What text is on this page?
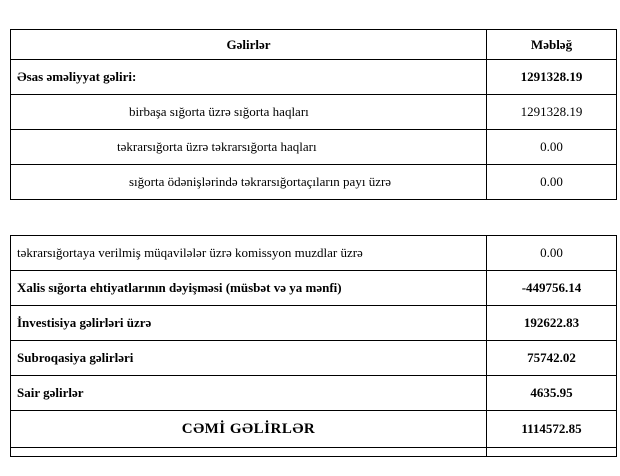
Gəlirlər	Məbləğ
Əsas əməliyyat gəliri:	1291328.19
birbaşa sığorta üzrə sığorta haqları	1291328.19
təkrarsığorta üzrə təkrarsığorta haqları	0.00
sığorta ödənişlərində təkrarsığortaçıların payı üzrə	0.00
təkrarsığortaya verilmiş müqavilələr üzrə komissyon muzdlar üzrə	0.00
Xalis sığorta ehtiyatlarının dəyişməsi (müsbət və ya mənfi)	-449756.14
İnvestisiya gəlirləri üzrə	192622.83
Subroqasiya gəlirləri	75742.02
Sair gəlirlər	4635.95
CƏMİ GƏLİRLƏR	1114572.85
